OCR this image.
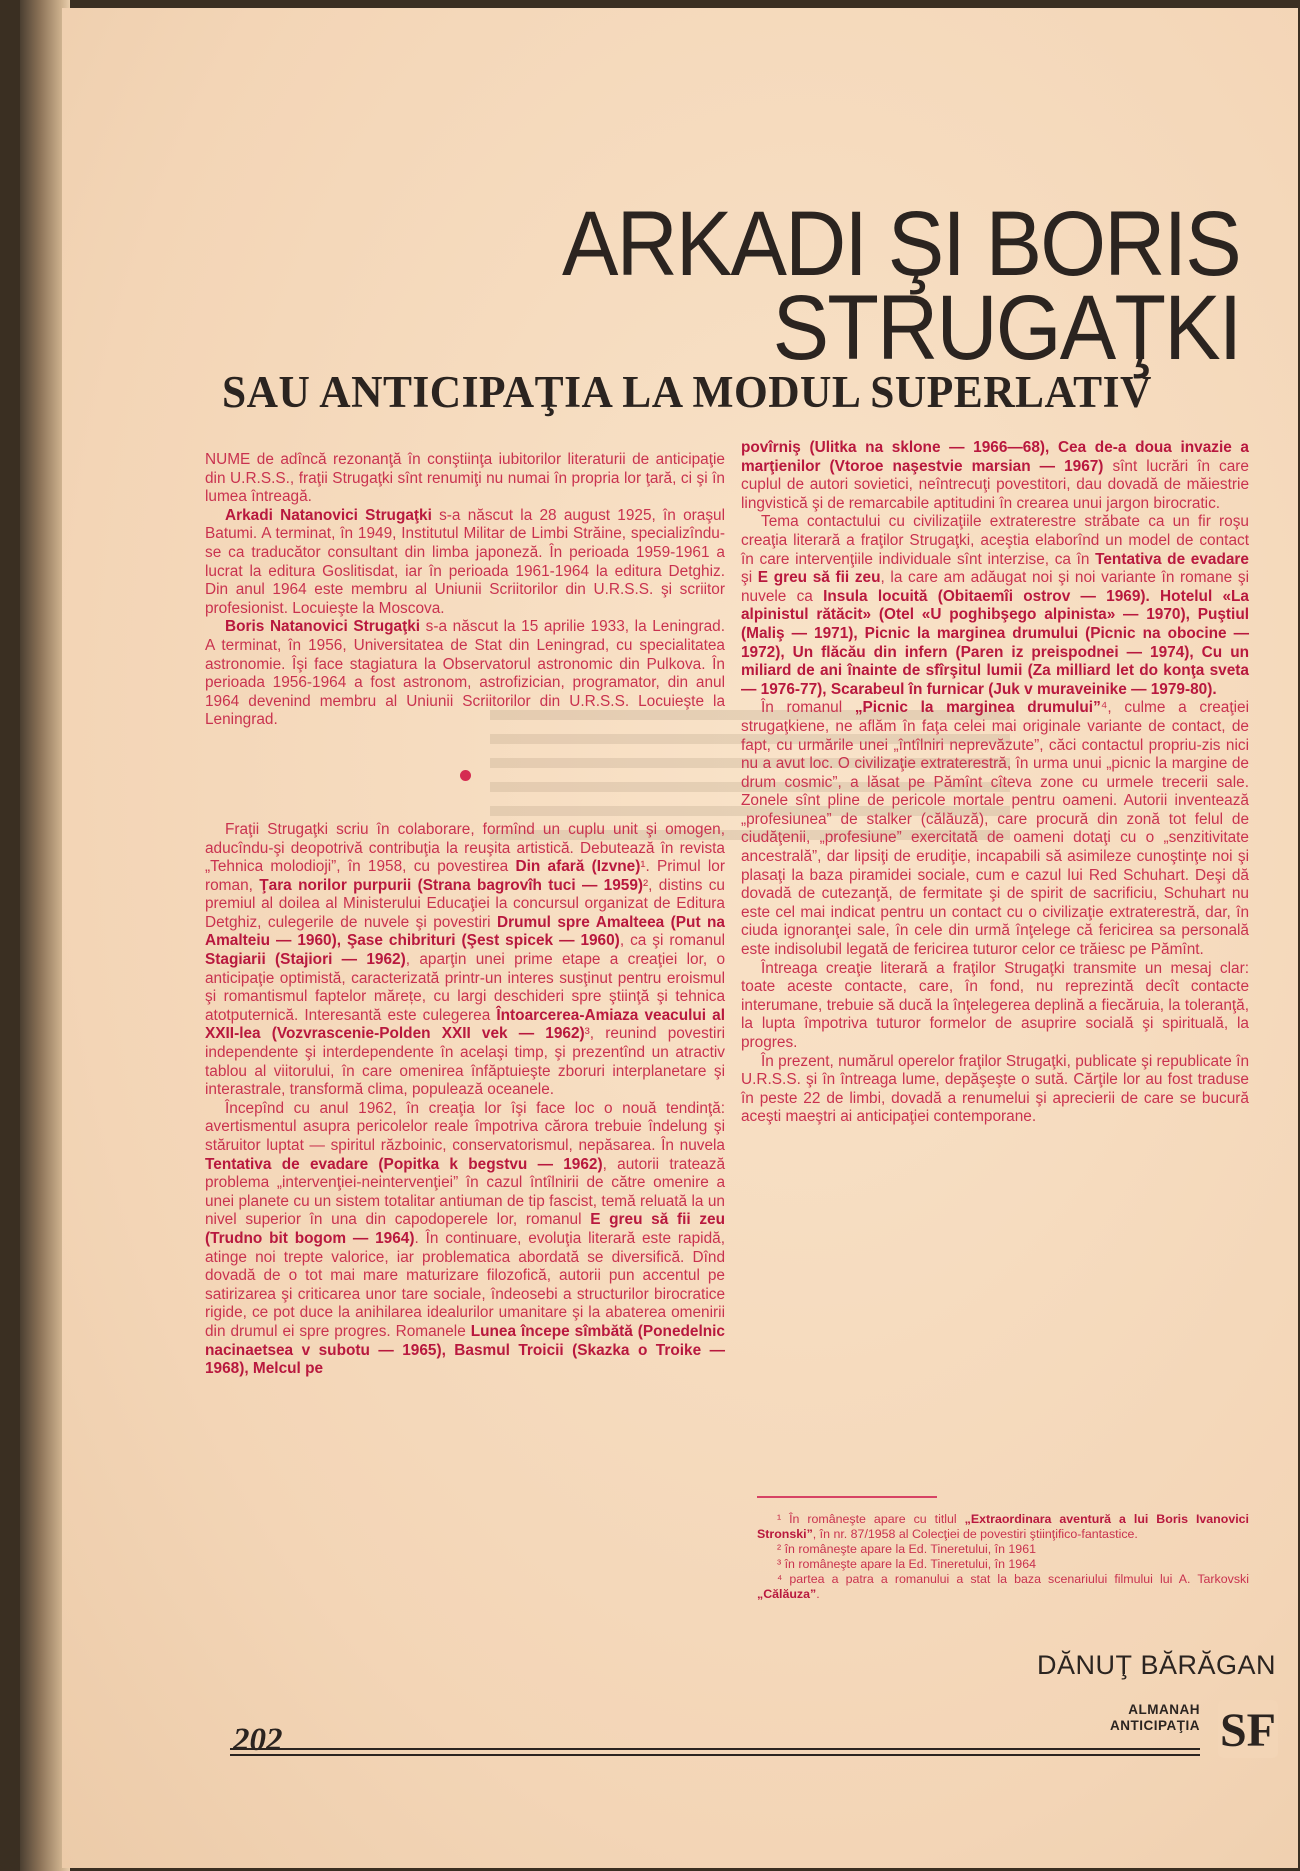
ARKADI ŞI BORIS
STRUGAŢKI
SAU ANTICIPAŢIA LA MODUL SUPERLATIV

NUME de adîncă rezonanţă în conştiinţa iubitorilor literaturii de anticipaţie din U.R.S.S., fraţii Strugaţki sînt renumiţi nu numai în propria lor ţară, ci şi în lumea întreagă.

Arkadi Natanovici Strugaţki s-a născut la 28 august 1925, în oraşul Batumi. A terminat, în 1949, Institutul Militar de Limbi Străine, specializîndu-se ca traducător consultant din limba japoneză. În perioada 1959-1961 a lucrat la editura Goslitisdat, iar în perioada 1961-1964 la editura Detghiz. Din anul 1964 este membru al Uniunii Scriitorilor din U.R.S.S. şi scriitor profesionist. Locuieşte la Moscova.

Boris Natanovici Strugaţki s-a născut la 15 aprilie 1933, la Leningrad. A terminat, în 1956, Universitatea de Stat din Leningrad, cu specialitatea astronomie. Îşi face stagiatura la Observatorul astronomic din Pulkova. În perioada 1956-1964 a fost astronom, astrofizician, programator, din anul 1964 devenind membru al Uniunii Scriitorilor din U.R.S.S. Locuieşte la Leningrad.

Fraţii Strugaţki scriu în colaborare, formînd un cuplu unit şi omogen, aducîndu-şi deopotrivă contribuţia la reuşita artistică. Debutează în revista „Tehnica molodioji”, în 1958, cu povestirea Din afară (Izvne)¹. Primul lor roman, Ţara norilor purpurii (Strana bagrovîh tuci — 1959)², distins cu premiul al doilea al Ministerului Educaţiei la concursul organizat de Editura Detghiz, culegerile de nuvele şi povestiri Drumul spre Amalteea (Put na Amalteiu — 1960), Şase chibrituri (Şest spicek — 1960), ca şi romanul Stagiarii (Stajiori — 1962), aparţin unei prime etape a creaţiei lor, o anticipaţie optimistă, caracterizată printr-un interes susţinut pentru eroismul şi romantismul faptelor mărețe, cu largi deschideri spre ştiinţă şi tehnica atotputernică. Interesantă este culegerea Întoarcerea-Amiaza veacului al XXII-lea (Vozvrascenie-Polden XXII vek — 1962)³, reunind povestiri independente şi interdependente în acelaşi timp, şi prezentînd un atractiv tablou al viitorului, în care omenirea înfăptuieşte zboruri interplanetare şi interastrale, transformă clima, populează oceanele.

Începînd cu anul 1962, în creaţia lor îşi face loc o nouă tendinţă: avertismentul asupra pericolelor reale împotriva cărora trebuie îndelung şi stăruitor luptat — spiritul războinic, conservatorismul, nepăsarea. În nuvela Tentativa de evadare (Popitka k begstvu — 1962), autorii tratează problema „intervenţiei-neintervenţiei” în cazul întîlnirii de către omenire a unei planete cu un sistem totalitar antiuman de tip fascist, temă reluată la un nivel superior în una din capodoperele lor, romanul E greu să fii zeu (Trudno bit bogom — 1964). În continuare, evoluţia literară este rapidă, atinge noi trepte valorice, iar problematica abordată se diversifică. Dînd dovadă de o tot mai mare maturizare filozofică, autorii pun accentul pe satirizarea şi criticarea unor tare sociale, îndeosebi a structurilor birocratice rigide, ce pot duce la anihilarea idealurilor umanitare şi la abaterea omenirii din drumul ei spre progres. Romanele Lunea începe sîmbătă (Ponedelnic nacinaetsea v subotu — 1965), Basmul Troicii (Skazka o Troike — 1968), Melcul pe

povîrniş (Ulitka na sklone — 1966—68), Cea de-a doua invazie a marţienilor (Vtoroe naşestvie marsian — 1967) sînt lucrări în care cuplul de autori sovietici, neîntrecuţi povestitori, dau dovadă de măiestrie lingvistică şi de remarcabile aptitudini în crearea unui jargon birocratic.

Tema contactului cu civilizaţiile extraterestre străbate ca un fir roşu creaţia literară a fraţilor Strugaţki, aceştia elaborînd un model de contact în care intervenţiile individuale sînt interzise, ca în Tentativa de evadare şi E greu să fii zeu, la care am adăugat noi şi noi variante în romane şi nuvele ca Insula locuită (Obitaemîi ostrov — 1969). Hotelul «La alpinistul rătăcit» (Otel «U poghibşego alpinista» — 1970), Puştiul (Maliş — 1971), Picnic la marginea drumului (Picnic na obocine — 1972), Un flăcău din infern (Paren iz preispodnei — 1974), Cu un miliard de ani înainte de sfîrşitul lumii (Za milliard let do konţa sveta — 1976-77), Scarabeul în furnicar (Juk v muraveinike — 1979-80).

În romanul „Picnic la marginea drumului”⁴, culme a creaţiei strugaţkiene, ne aflăm în faţa celei mai originale variante de contact, de fapt, cu urmările unei „întîlniri neprevăzute”, căci contactul propriu-zis nici nu a avut loc. O civilizaţie extraterestră, în urma unui „picnic la margine de drum cosmic”, a lăsat pe Pămînt cîteva zone cu urmele trecerii sale. Zonele sînt pline de pericole mortale pentru oameni. Autorii inventează „profesiunea” de stalker (călăuză), care procură din zonă tot felul de ciudăţenii, „profesiune” exercitată de oameni dotaţi cu o „senzitivitate ancestrală”, dar lipsiţi de erudiţie, incapabili să asimileze cunoştinţe noi şi plasaţi la baza piramidei sociale, cum e cazul lui Red Schuhart. Deşi dă dovadă de cutezanţă, de fermitate şi de spirit de sacrificiu, Schuhart nu este cel mai indicat pentru un contact cu o civilizaţie extraterestră, dar, în ciuda ignoranţei sale, în cele din urmă înţelege că fericirea sa personală este indisolubil legată de fericirea tuturor celor ce trăiesc pe Pămînt.

Întreaga creaţie literară a fraţilor Strugaţki transmite un mesaj clar: toate aceste contacte, care, în fond, nu reprezintă decît contacte interumane, trebuie să ducă la înţelegerea deplină a fiecăruia, la toleranţă, la lupta împotriva tuturor formelor de asuprire socială şi spirituală, la progres.

În prezent, numărul operelor fraţilor Strugaţki, publicate şi republicate în U.R.S.S. şi în întreaga lume, depăşeşte o sută. Cărţile lor au fost traduse în peste 22 de limbi, dovadă a renumelui şi aprecierii de care se bucură aceşti maeştri ai anticipaţiei contemporane.

¹ În româneşte apare cu titlul „Extraordinara aventură a lui Boris Ivanovici Stronski”, în nr. 87/1958 al Colecţiei de povestiri ştiinţifico-fantastice.

² în româneşte apare la Ed. Tineretului, în 1961

³ în româneşte apare la Ed. Tineretului, în 1964

⁴ partea a patra a romanului a stat la baza scenariului filmului lui A. Tarkovski „Călăuza”.

DĂNUŢ BĂRĂGAN
202
ALMANAH
ANTICIPAŢIA SF
